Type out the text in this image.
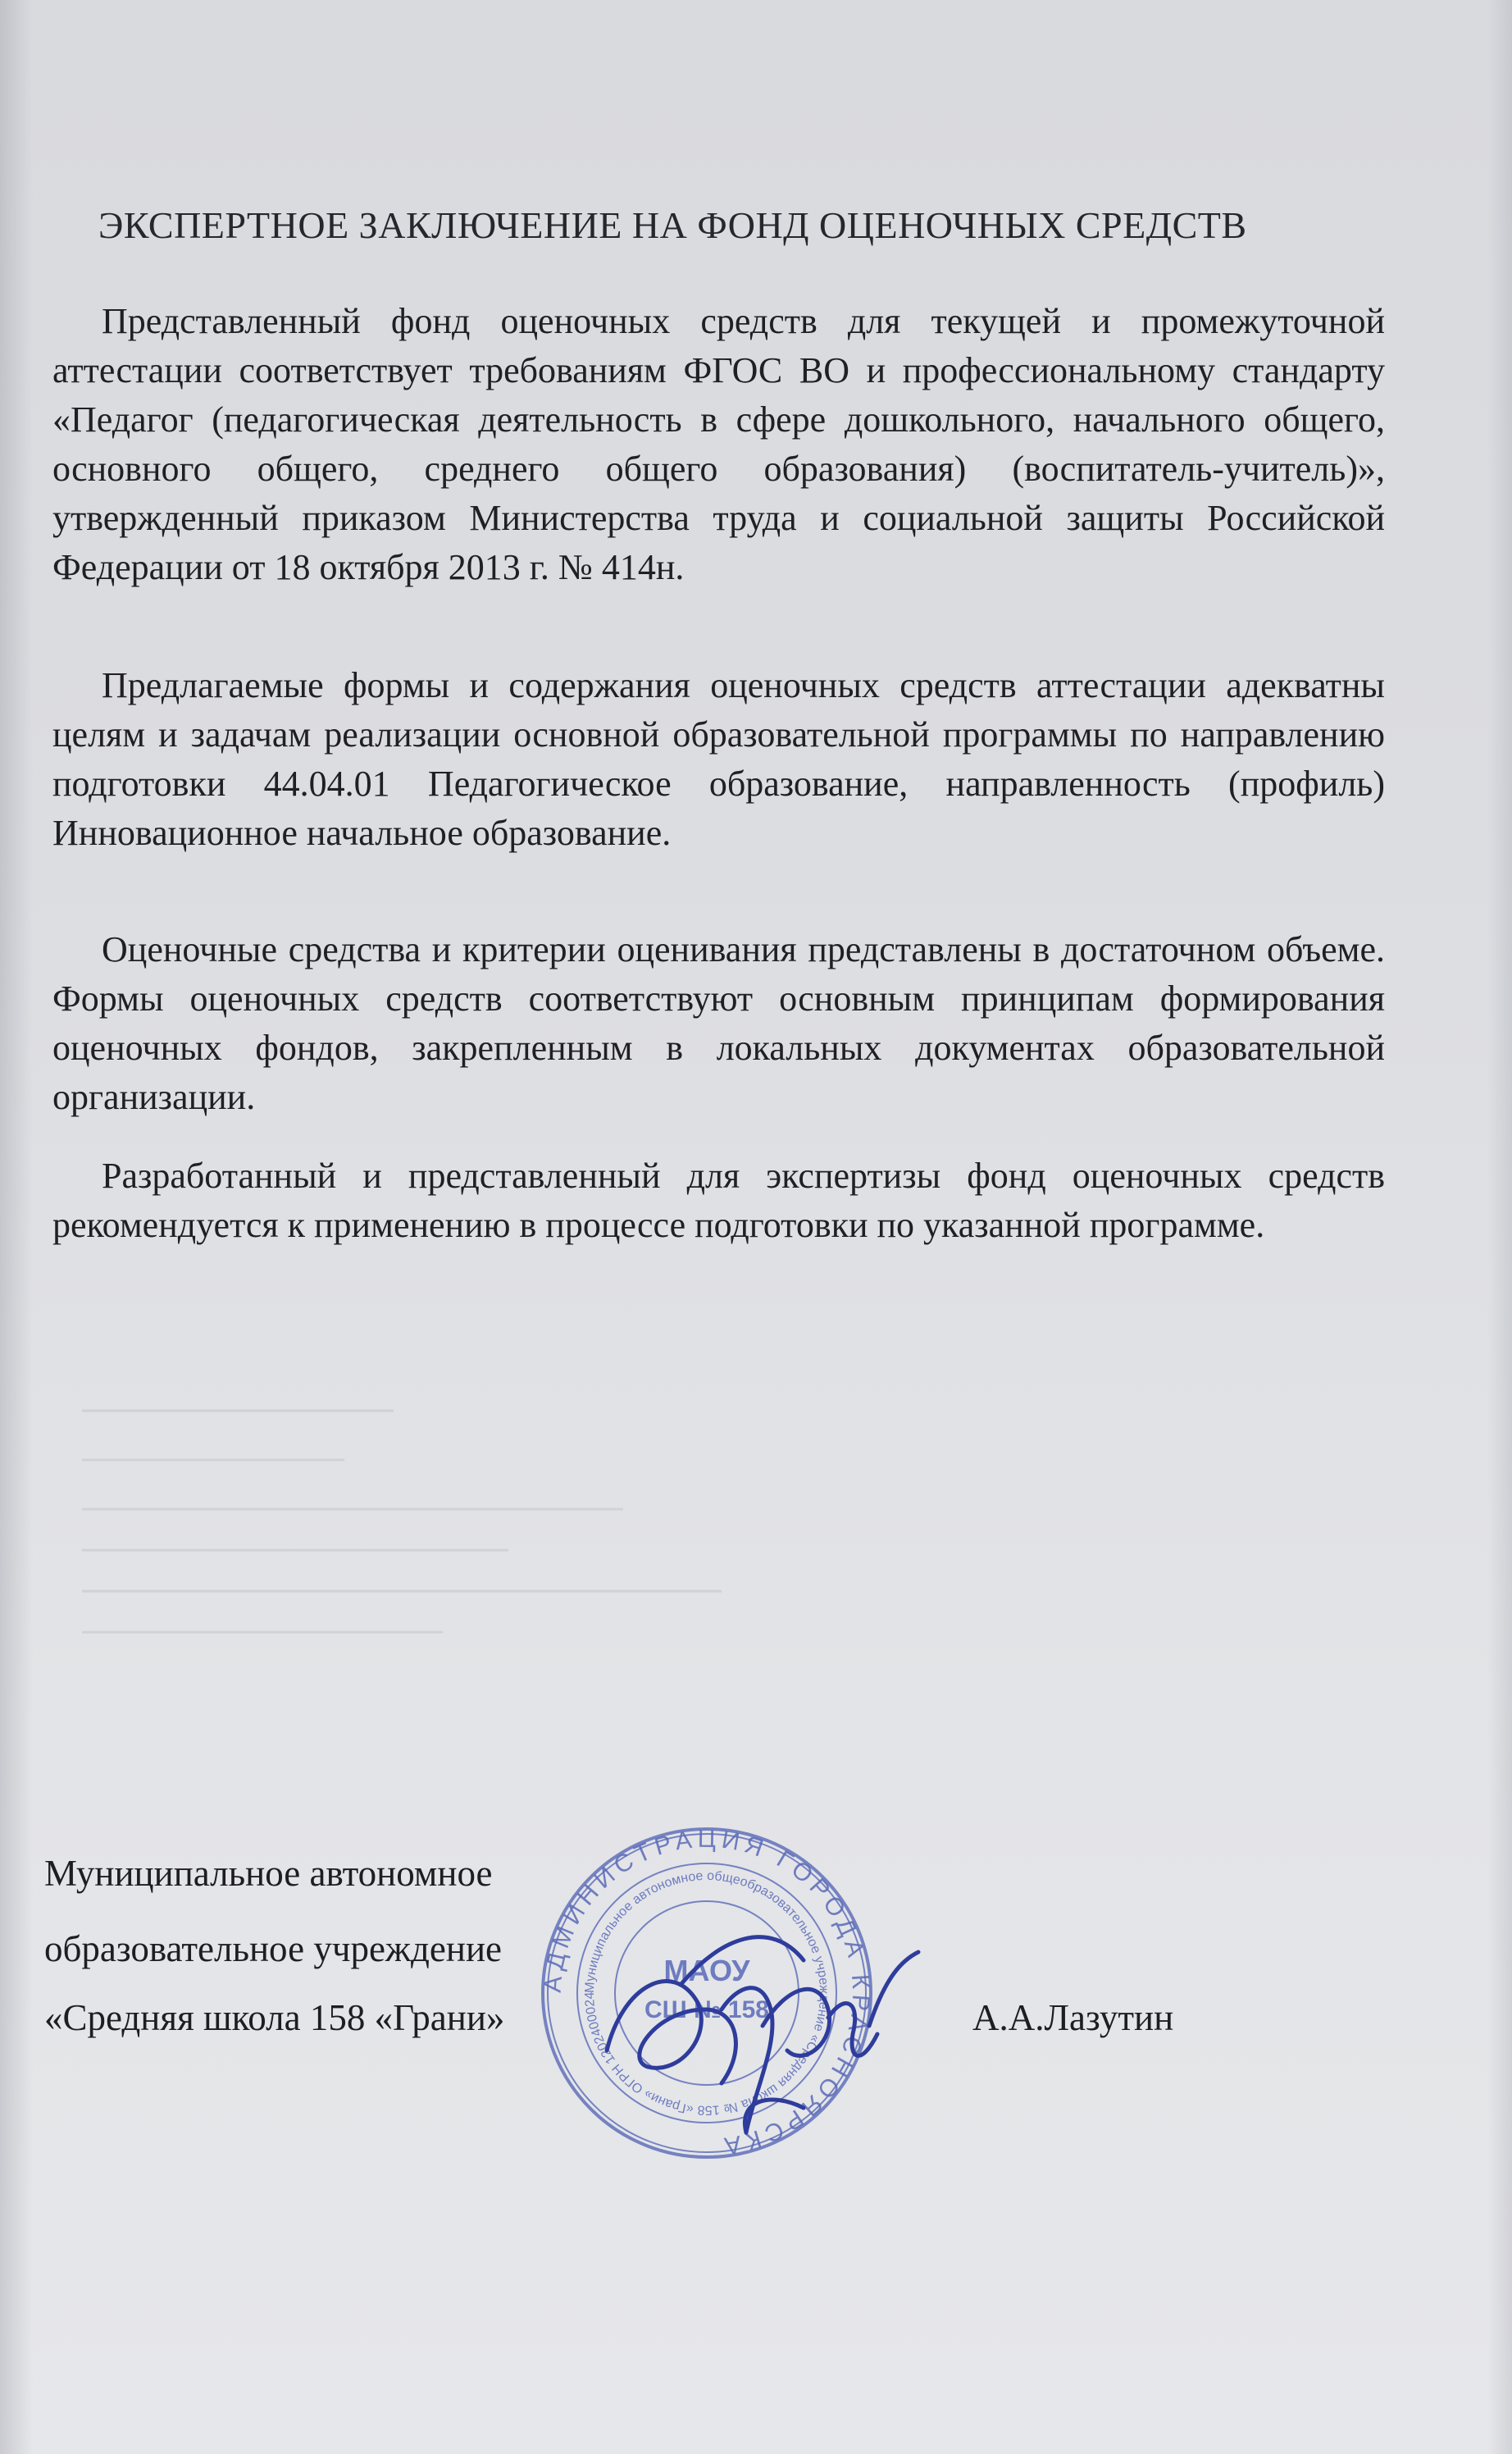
ЭКСПЕРТНОЕ ЗАКЛЮЧЕНИЕ НА ФОНД ОЦЕНОЧНЫХ СРЕДСТВ
Представленный фонд оценочных средств для текущей и промежуточной аттестации соответствует требованиям ФГОС ВО и профессиональному стандарту «Педагог (педагогическая деятельность в сфере дошкольного, начального общего, основного общего, среднего общего образования) (воспитатель-учитель)», утвержденный приказом Министерства труда и социальной защиты Российской Федерации от 18 октября 2013 г. № 414н.
Предлагаемые формы и содержания оценочных средств аттестации адекватны целям и задачам реализации основной образовательной программы по направлению подготовки 44.04.01 Педагогическое образование, направленность (профиль) Инновационное начальное образование.
Оценочные средства и критерии оценивания представлены в достаточном объеме. Формы оценочных средств соответствуют основным принципам формирования оценочных фондов, закрепленным в локальных документах образовательной организации.
Разработанный и представленный для экспертизы фонд оценочных средств рекомендуется к применению в процессе подготовки по указанной программе.
Муниципальное автономное
образовательное учреждение
«Средняя школа 158 «Грани»	А.А.Лазутин
АДМИНИСТРАЦИЯ ГОРОДА КРАСНОЯРСКА
Муниципальное автономное общеобразовательное учреждение «Средняя школа № 158 «Грани» ОГРН 1202400024
МАОУ
СШ № 158
